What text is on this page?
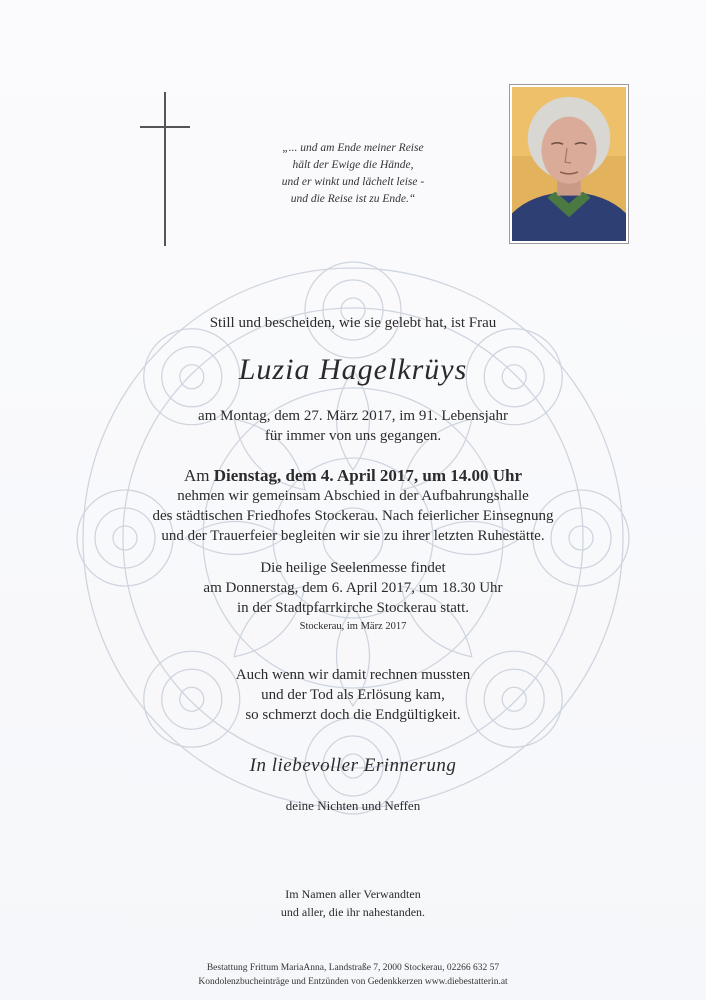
„... und am Ende meiner Reise
hält der Ewige die Hände,
und er winkt und lächelt leise -
und die Reise ist zu Ende.“
Still und bescheiden, wie sie gelebt hat, ist Frau
Luzia Hagelkrüys
am Montag, dem 27. März 2017, im 91. Lebensjahr
für immer von uns gegangen.
Am Dienstag, dem 4. April 2017, um 14.00 Uhr
nehmen wir gemeinsam Abschied in der Aufbahrungshalle
des städtischen Friedhofes Stockerau. Nach feierlicher Einsegnung
und der Trauerfeier begleiten wir sie zu ihrer letzten Ruhestätte.
Die heilige Seelenmesse findet
am Donnerstag, dem 6. April 2017, um 18.30 Uhr
in der Stadtpfarrkirche Stockerau statt.
Stockerau, im März 2017
Auch wenn wir damit rechnen mussten
und der Tod als Erlösung kam,
so schmerzt doch die Endgültigkeit.
In liebevoller Erinnerung
deine Nichten und Neffen
Im Namen aller Verwandten
und aller, die ihr nahestanden.
Bestattung Frittum MariaAnna, Landstraße 7, 2000 Stockerau, 02266 632 57
Kondolenzbucheinträge und Entzünden von Gedenkkerzen www.diebestatterin.at
